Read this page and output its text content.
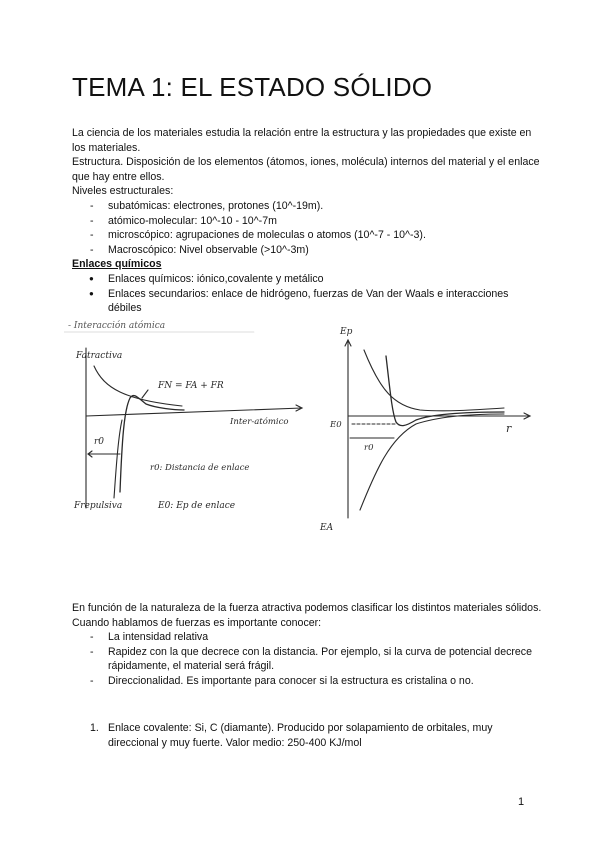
TEMA 1: EL ESTADO SÓLIDO

La ciencia de los materiales estudia la relación entre la estructura y las propiedades que existe en los materiales.

Estructura. Disposición de los elementos (átomos, iones, molécula) internos del material y el enlace que hay entre ellos.

Niveles estructurales:

- subatómicas: electrones, protones (10^-19m).
- atómico-molecular: 10^-10 - 10^-7m
- microscópico: agrupaciones de moleculas o atomos (10^-7 - 10^-3).
- Macroscópico: Nivel observable (>10^-3m)

Enlaces químicos

● Enlaces químicos: iónico,covalente y metálico
● Enlaces secundarios: enlace de hidrógeno, fuerzas de Van der Waals e interacciones débiles
- Interacción atómica
Fatractiva
FN = FA + FR
Inter-atómico
r0
r0: Distancia de enlace
Frepulsiva	E0: Ep de enlace
Ep
r
E0
r0
EA

En función de la naturaleza de la fuerza atractiva podemos clasificar los distintos materiales sólidos.

Cuando hablamos de fuerzas es importante conocer:

- La intensidad relativa
- Rapidez con la que decrece con la distancia. Por ejemplo, si la curva de potencial decrece rápidamente, el material será frágil.
- Direccionalidad. Es importante para conocer si la estructura es cristalina o no.
1. Enlace covalente: Si, C (diamante). Producido por solapamiento de orbitales, muy direccional y muy fuerte. Valor medio: 250-400 KJ/mol
1
